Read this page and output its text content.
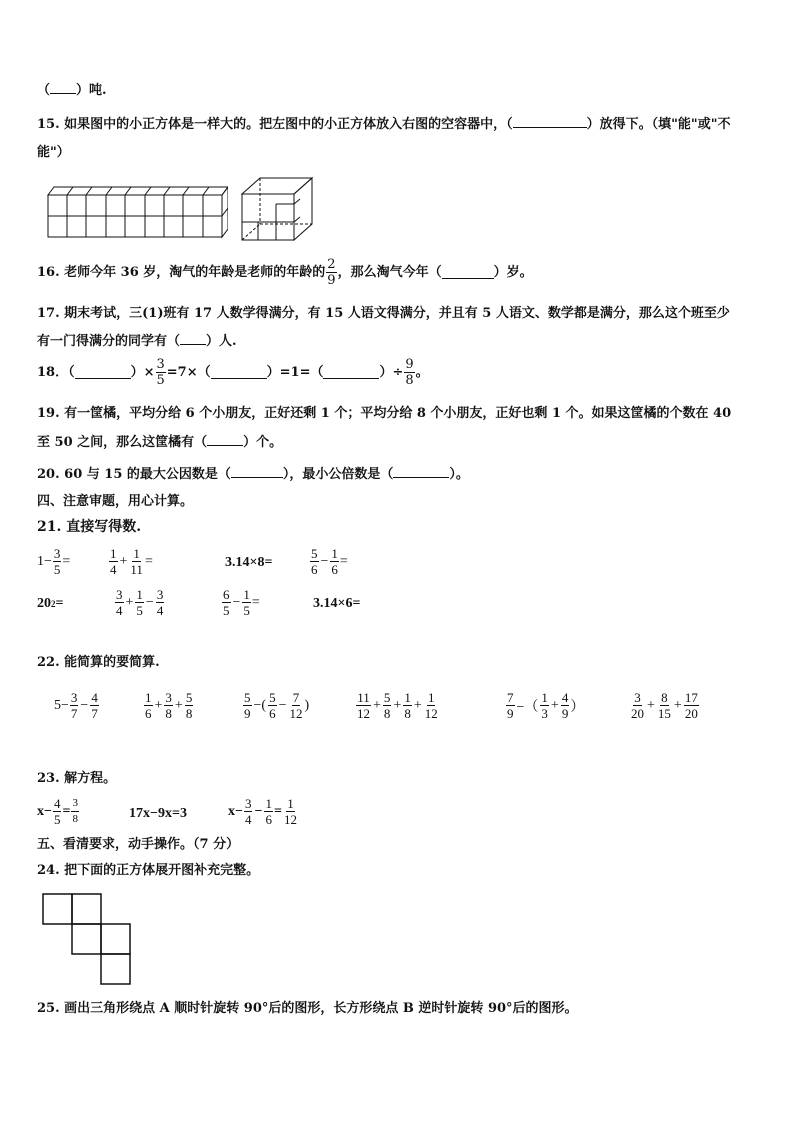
（ ）吨.
15. 如果图中的小正方体是一样大的。把左图中的小正方体放入右图的空容器中，（	）放得下。（填"能"或"不
能"）
16. 老师今年 36 岁，淘气的年龄是老师的年龄的 $\frac{2}{9}$ ，那么淘气今年（	）岁。
17. 期末考试，三(1)班有 17 人数学得满分，有 15 人语文得满分，并且有 5 人语文、数学都是满分，那么这个班至少
有一门得满分的同学有（ ）人.
18．（	）× $\frac{3}{5} =7\times$（	）=1=（	）÷ $\frac{9}{8}$ 。
19. 有一筐橘，平均分给 6 个小朋友，正好还剩 1 个；平均分给 8 个小朋友，正好也剩 1 个。如果这筐橘的个数在 40
至 50 之间，那么这筐橘有（	）个。
20. 60 与 15 的最大公因数是（	），最小公倍数是（	）。
四、注意审题，用心计算。
21. 直接写得数.
$1- \frac{3}{5}$ =	$\frac{1}{4} + \frac{1}{11}$ =	3.14×8=	$\frac{5}{6} - \frac{1}{6}$ =
20 2 =	$\frac{3}{4} + \frac{1}{5} - \frac{3}{4}$	$\frac{6}{5} - \frac{1}{5}$ =	3.14×6=
22. 能简算的要简算.
$5- \frac{3}{7} - \frac{4}{7}$	$\frac{1}{6} + \frac{3}{8} + \frac{5}{8}$	$\frac{5}{9}$ −( $\frac{5}{6} - \frac{7}{12}$ )	$\frac{11}{12} + \frac{5}{8} + \frac{1}{8} + \frac{1}{12}$	$\frac{7}{9}$ −（ $\frac{1}{3} + \frac{4}{9}$ ）	$\frac{3}{20} + \frac{8}{15} + \frac{17}{20}$
23. 解方程。
$x- \frac{4}{5} = \frac{3}{8}$	17x−9x=3	$x- \frac{3}{4} - \frac{1}{6} = \frac{1}{12}$
五、看清要求，动手操作。（7 分）
24. 把下面的正方体展开图补充完整。
25. 画出三角形绕点 A 顺时针旋转 90°后的图形，长方形绕点 B 逆时针旋转 90°后的图形。
